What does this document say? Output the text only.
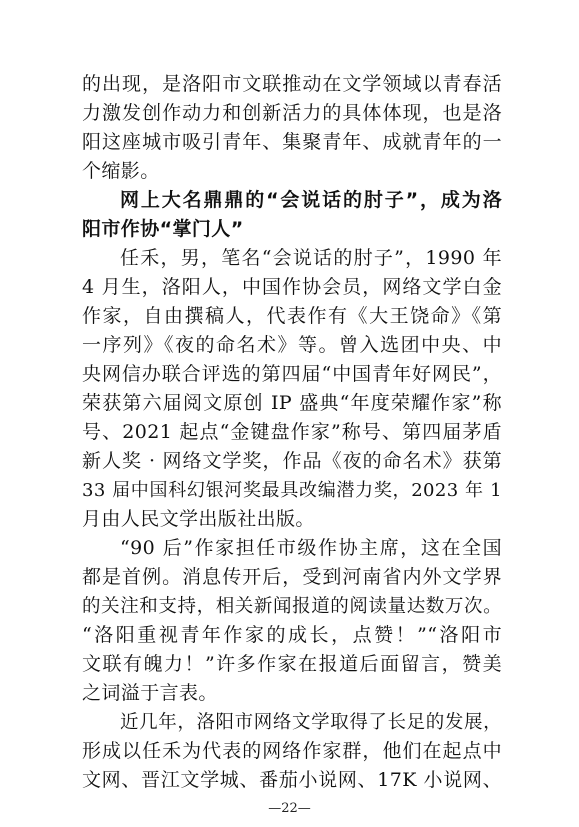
的出现，是洛阳市文联推动在文学领域以青春活
力激发创作动力和创新活力的具体体现，也是洛
阳这座城市吸引青年、集聚青年、成就青年的一
个缩影。
网上大名鼎鼎的“会说话的肘子”，成为洛
阳市作协“掌门人”
任禾，男，笔名“会说话的肘子”，1990 年
4 月生，洛阳人，中国作协会员，网络文学白金
作家，自由撰稿人，代表作有《大王饶命》《第
一序列》《夜的命名术》等。曾入选团中央、中
央网信办联合评选的第四届“中国青年好网民”，
荣获第六届阅文原创 IP 盛典“年度荣耀作家”称
号、2021 起点“金键盘作家”称号、第四届茅盾
新人奖 · 网络文学奖，作品《夜的命名术》获第
33 届中国科幻银河奖最具改编潜力奖，2023 年 1
月由人民文学出版社出版。
“90 后”作家担任市级作协主席，这在全国
都是首例。消息传开后，受到河南省内外文学界
的关注和支持，相关新闻报道的阅读量达数万次。
“洛阳重视青年作家的成长，点赞！”“洛阳市
文联有魄力！”许多作家在报道后面留言，赞美
之词溢于言表。
近几年，洛阳市网络文学取得了长足的发展，
形成以任禾为代表的网络作家群，他们在起点中
文网、晋江文学城、番茄小说网、17K 小说网、
—22—
